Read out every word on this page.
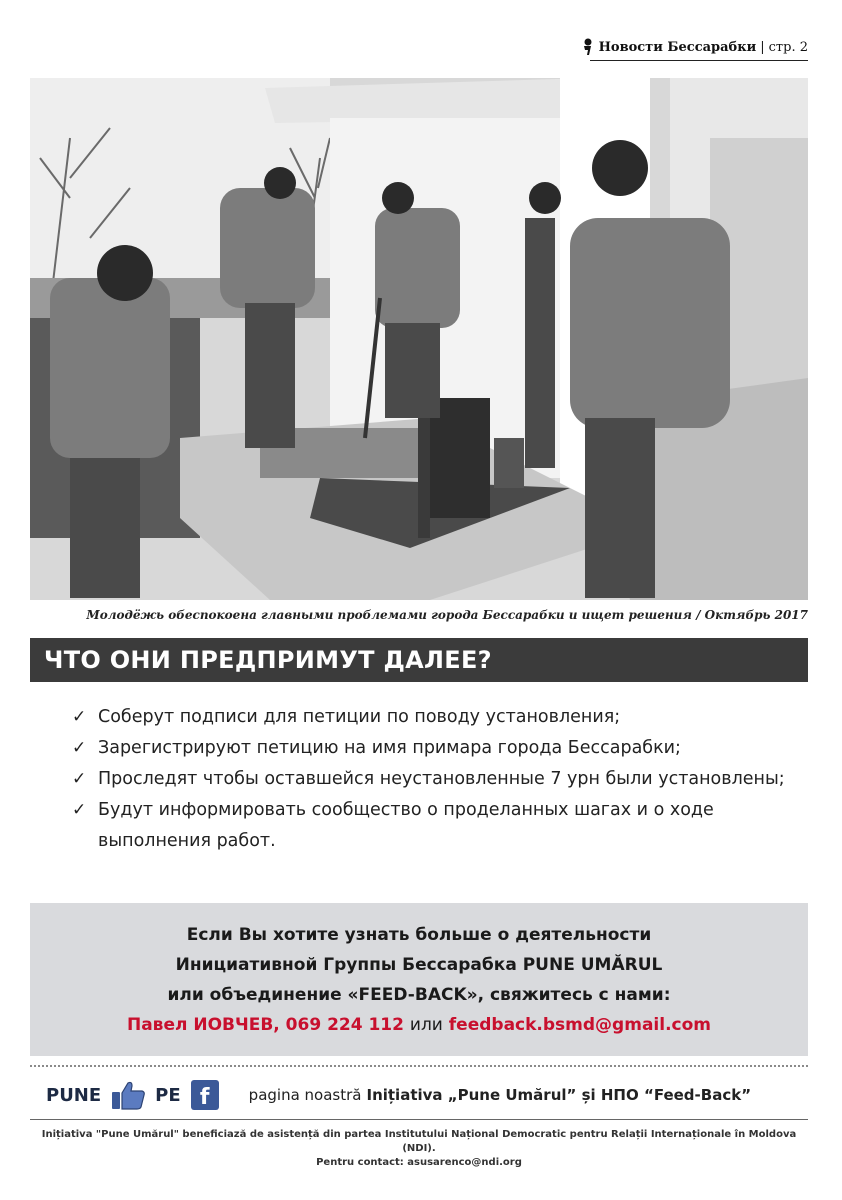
Новости Бессарабки | стр. 2
Молодёжь обеспокоена главными проблемами города Бессарабки и ищет решения / Октябрь 2017
ЧТО ОНИ ПРЕДПРИМУТ ДАЛЕЕ?
✓ Соберут подписи для петиции по поводу установления;
✓ Зарегистрируют петицию на имя примара города Бессарабки;
✓ Проследят чтобы оставшейся неустановленные 7 урн были установлены;
✓ Будут информировать сообщество о проделанных шагах и о ходе выполнения работ.
Если Вы хотите узнать больше о деятельности
Инициативной Группы Бессарабка PUNE UMĂRUL
или объединение «FEED-BACK», свяжитесь с нами:
Павел ИОВЧЕВ, 069 224 112 или feedback.bsmd@gmail.com
PUNE	PE f	pagina noastră Inițiativa „Pune Umărul” și НПО “Feed-Back”
Inițiativa "Pune Umărul" beneficiază de asistență din partea Institutului Național Democratic pentru Relații Internaționale în Moldova (NDI).
Pentru contact: asusarenco@ndi.org
